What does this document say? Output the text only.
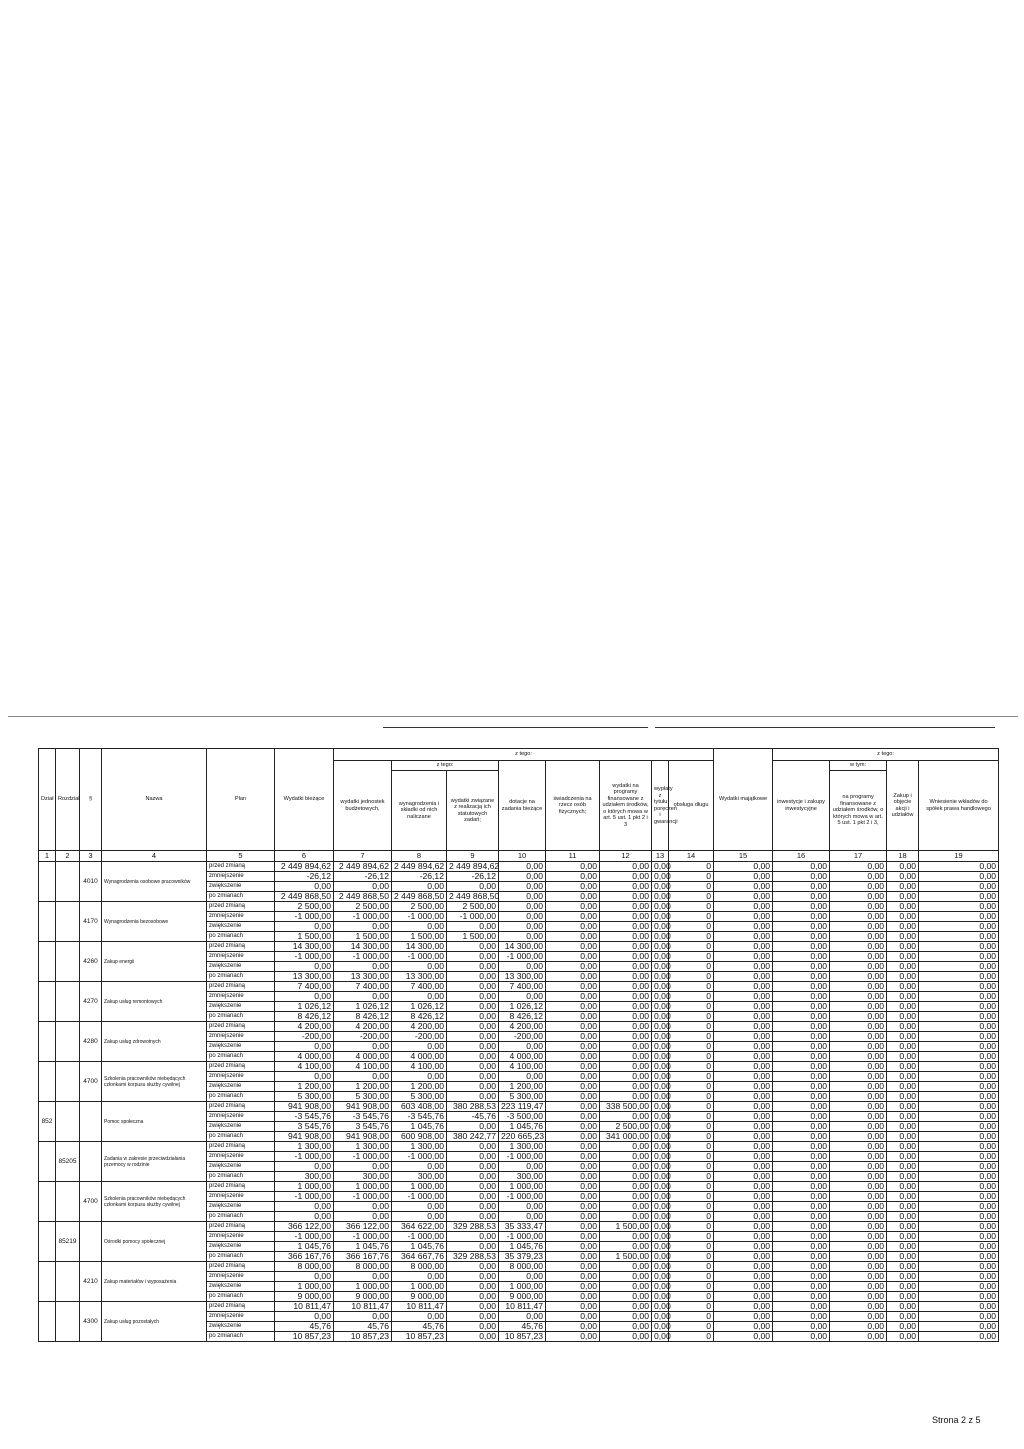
Dział	Rozdział	§	Nazwa	Plan	Wydatki bieżące	z tego:								Wydatki majątkowe	z tego:				
						wydatki jednostek budżetowych,	z tego:		dotacje na zadania bieżące	świadczenia na rzecz osób fizycznych;	wydatki na programy finansowane z udziałem środków, o których mowa w art. 5 ust. 1 pkt 2 i 3	wypłaty z tytułu poręczeń i gwarancji	obsługa długu		inwestycje i zakupy inwestycyjne	w tym:	Zakup i objęcie akcji i udziałów	Wniesienie wkładów do spółek prawa handlowego	
							wynagrodzenia i składki od nich naliczane	wydatki związane z realizacją ich statutowych zadań;								na programy finansowane z udziałem środków, o których mowa w art. 5 ust. 1 pkt 2 i 3,			
1	2	3	4	5	6	7	8	9	10	11	12	13	14	15	16	17	18	19	
		4010	Wynagrodzenia osobowe pracowników	przed zmianą	2 449 894,62	2 449 894,62	2 449 894,62	2 449 894,62	0,00	0,00	0,00	0,00	0	0,00	0,00	0,00	0,00	0,00	
				zmniejszenie	-26,12	-26,12	-26,12	-26,12	0,00	0,00	0,00	0,00	0	0,00	0,00	0,00	0,00	0,00	
				zwiększenie	0,00	0,00	0,00	0,00	0,00	0,00	0,00	0,00	0	0,00	0,00	0,00	0,00	0,00	
				po zmianach	2 449 868,50	2 449 868,50	2 449 868,50	2 449 868,50	0,00	0,00	0,00	0,00	0	0,00	0,00	0,00	0,00	0,00	
		4170	Wynagrodzenia bezosobowe	przed zmianą	2 500,00	2 500,00	2 500,00	2 500,00	0,00	0,00	0,00	0,00	0	0,00	0,00	0,00	0,00	0,00	
				zmniejszenie	-1 000,00	-1 000,00	-1 000,00	-1 000,00	0,00	0,00	0,00	0,00	0	0,00	0,00	0,00	0,00	0,00	
				zwiększenie	0,00	0,00	0,00	0,00	0,00	0,00	0,00	0,00	0	0,00	0,00	0,00	0,00	0,00	
				po zmianach	1 500,00	1 500,00	1 500,00	1 500,00	0,00	0,00	0,00	0,00	0	0,00	0,00	0,00	0,00	0,00	
		4260	Zakup energii	przed zmianą	14 300,00	14 300,00	14 300,00	0,00	14 300,00	0,00	0,00	0,00	0	0,00	0,00	0,00	0,00	0,00	
				zmniejszenie	-1 000,00	-1 000,00	-1 000,00	0,00	-1 000,00	0,00	0,00	0,00	0	0,00	0,00	0,00	0,00	0,00	
				zwiększenie	0,00	0,00	0,00	0,00	0,00	0,00	0,00	0,00	0	0,00	0,00	0,00	0,00	0,00	
				po zmianach	13 300,00	13 300,00	13 300,00	0,00	13 300,00	0,00	0,00	0,00	0	0,00	0,00	0,00	0,00	0,00	
		4270	Zakup usług remontowych	przed zmianą	7 400,00	7 400,00	7 400,00	0,00	7 400,00	0,00	0,00	0,00	0	0,00	0,00	0,00	0,00	0,00	
				zmniejszenie	0,00	0,00	0,00	0,00	0,00	0,00	0,00	0,00	0	0,00	0,00	0,00	0,00	0,00	
				zwiększenie	1 026,12	1 026,12	1 026,12	0,00	1 026,12	0,00	0,00	0,00	0	0,00	0,00	0,00	0,00	0,00	
				po zmianach	8 426,12	8 426,12	8 426,12	0,00	8 426,12	0,00	0,00	0,00	0	0,00	0,00	0,00	0,00	0,00	
		4280	Zakup usług zdrowotnych	przed zmianą	4 200,00	4 200,00	4 200,00	0,00	4 200,00	0,00	0,00	0,00	0	0,00	0,00	0,00	0,00	0,00	
				zmniejszenie	-200,00	-200,00	-200,00	0,00	-200,00	0,00	0,00	0,00	0	0,00	0,00	0,00	0,00	0,00	
				zwiększenie	0,00	0,00	0,00	0,00	0,00	0,00	0,00	0,00	0	0,00	0,00	0,00	0,00	0,00	
				po zmianach	4 000,00	4 000,00	4 000,00	0,00	4 000,00	0,00	0,00	0,00	0	0,00	0,00	0,00	0,00	0,00	
		4700	Szkolenia pracowników niebędących członkami korpusu służby cywilnej	przed zmianą	4 100,00	4 100,00	4 100,00	0,00	4 100,00	0,00	0,00	0,00	0	0,00	0,00	0,00	0,00	0,00	
				zmniejszenie	0,00	0,00	0,00	0,00	0,00	0,00	0,00	0,00	0	0,00	0,00	0,00	0,00	0,00	
				zwiększenie	1 200,00	1 200,00	1 200,00	0,00	1 200,00	0,00	0,00	0,00	0	0,00	0,00	0,00	0,00	0,00	
				po zmianach	5 300,00	5 300,00	5 300,00	0,00	5 300,00	0,00	0,00	0,00	0	0,00	0,00	0,00	0,00	0,00	
852			Pomoc społeczna	przed zmianą	941 908,00	941 908,00	603 408,00	380 288,53	223 119,47	0,00	338 500,00	0,00	0	0,00	0,00	0,00	0,00	0,00	
				zmniejszenie	-3 545,76	-3 545,76	-3 545,76	-45,76	-3 500,00	0,00	0,00	0,00	0	0,00	0,00	0,00	0,00	0,00	
				zwiększenie	3 545,76	3 545,76	1 045,76	0,00	1 045,76	0,00	2 500,00	0,00	0	0,00	0,00	0,00	0,00	0,00	
				po zmianach	941 908,00	941 908,00	600 908,00	380 242,77	220 665,23	0,00	341 000,00	0,00	0	0,00	0,00	0,00	0,00	0,00	
	85205		Zadania w zakresie przeciwdziałania przemocy w rodzinie	przed zmianą	1 300,00	1 300,00	1 300,00	0,00	1 300,00	0,00	0,00	0,00	0	0,00	0,00	0,00	0,00	0,00	
				zmniejszenie	-1 000,00	-1 000,00	-1 000,00	0,00	-1 000,00	0,00	0,00	0,00	0	0,00	0,00	0,00	0,00	0,00	
				zwiększenie	0,00	0,00	0,00	0,00	0,00	0,00	0,00	0,00	0	0,00	0,00	0,00	0,00	0,00	
				po zmianach	300,00	300,00	300,00	0,00	300,00	0,00	0,00	0,00	0	0,00	0,00	0,00	0,00	0,00	
		4700	Szkolenia pracowników niebędących członkami korpusu służby cywilnej	przed zmianą	1 000,00	1 000,00	1 000,00	0,00	1 000,00	0,00	0,00	0,00	0	0,00	0,00	0,00	0,00	0,00	
				zmniejszenie	-1 000,00	-1 000,00	-1 000,00	0,00	-1 000,00	0,00	0,00	0,00	0	0,00	0,00	0,00	0,00	0,00	
				zwiększenie	0,00	0,00	0,00	0,00	0,00	0,00	0,00	0,00	0	0,00	0,00	0,00	0,00	0,00	
				po zmianach	0,00	0,00	0,00	0,00	0,00	0,00	0,00	0,00	0	0,00	0,00	0,00	0,00	0,00	
	85219		Ośrodki pomocy społecznej	przed zmianą	366 122,00	366 122,00	364 622,00	329 288,53	35 333,47	0,00	1 500,00	0,00	0	0,00	0,00	0,00	0,00	0,00	
				zmniejszenie	-1 000,00	-1 000,00	-1 000,00	0,00	-1 000,00	0,00	0,00	0,00	0	0,00	0,00	0,00	0,00	0,00	
				zwiększenie	1 045,76	1 045,76	1 045,76	0,00	1 045,76	0,00	0,00	0,00	0	0,00	0,00	0,00	0,00	0,00	
				po zmianach	366 167,76	366 167,76	364 667,76	329 288,53	35 379,23	0,00	1 500,00	0,00	0	0,00	0,00	0,00	0,00	0,00	
		4210	Zakup materiałów i wyposażenia	przed zmianą	8 000,00	8 000,00	8 000,00	0,00	8 000,00	0,00	0,00	0,00	0	0,00	0,00	0,00	0,00	0,00	
				zmniejszenie	0,00	0,00	0,00	0,00	0,00	0,00	0,00	0,00	0	0,00	0,00	0,00	0,00	0,00	
				zwiększenie	1 000,00	1 000,00	1 000,00	0,00	1 000,00	0,00	0,00	0,00	0	0,00	0,00	0,00	0,00	0,00	
				po zmianach	9 000,00	9 000,00	9 000,00	0,00	9 000,00	0,00	0,00	0,00	0	0,00	0,00	0,00	0,00	0,00	
		4300	Zakup usług pozostałych	przed zmianą	10 811,47	10 811,47	10 811,47	0,00	10 811,47	0,00	0,00	0,00	0	0,00	0,00	0,00	0,00	0,00	
				zmniejszenie	0,00	0,00	0,00	0,00	0,00	0,00	0,00	0,00	0	0,00	0,00	0,00	0,00	0,00	
				zwiększenie	45,76	45,76	45,76	0,00	45,76	0,00	0,00	0,00	0	0,00	0,00	0,00	0,00	0,00	
				po zmianach	10 857,23	10 857,23	10 857,23	0,00	10 857,23	0,00	0,00	0,00	0	0,00	0,00	0,00	0,00	0,00	
Strona 2 z 5
